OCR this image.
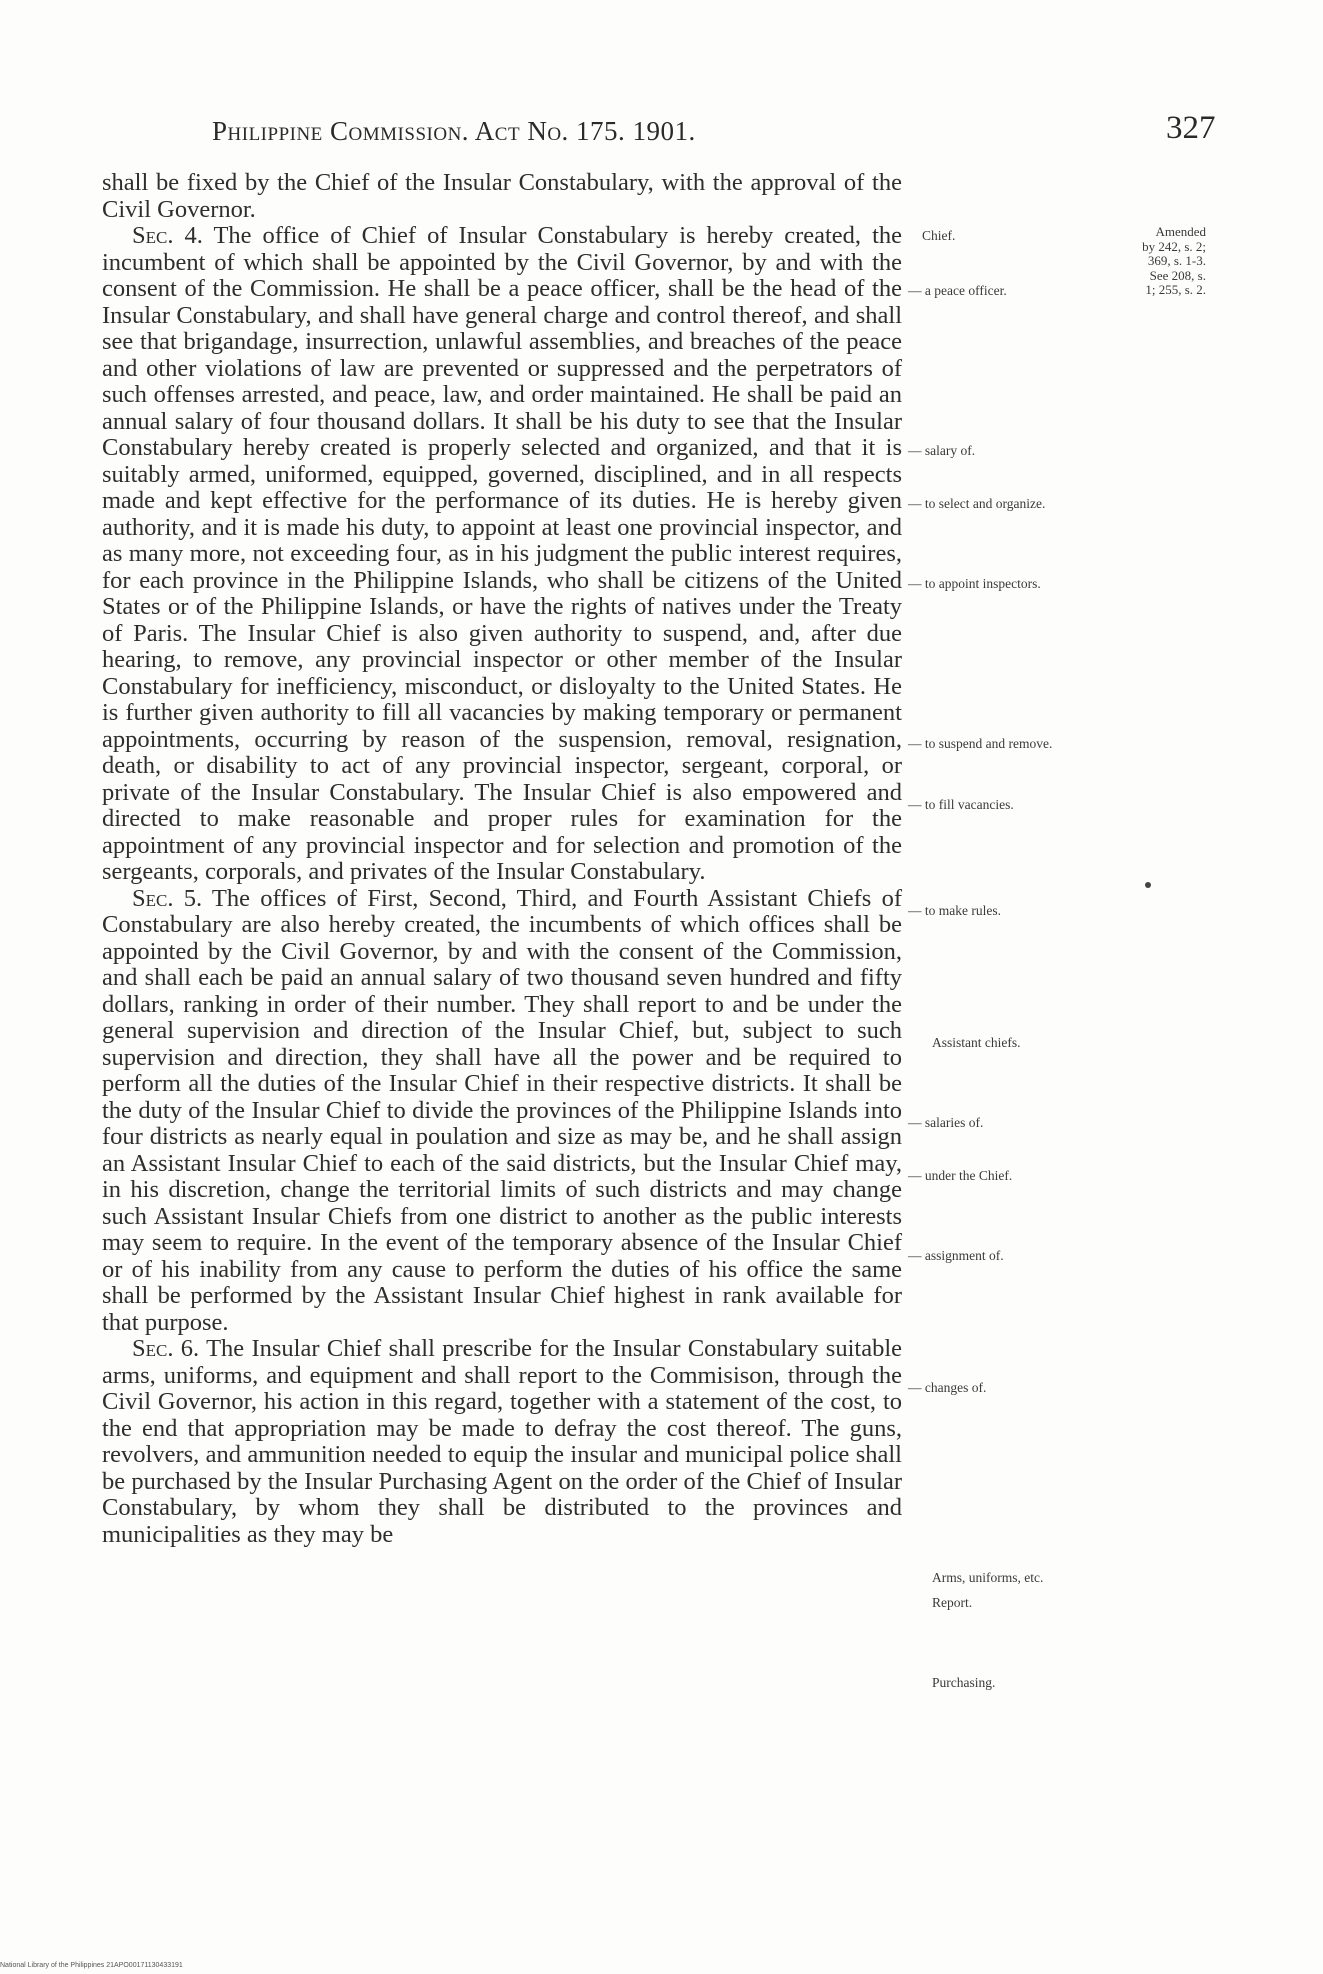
Philippine Commission. Act No. 175. 1901.	327

shall be fixed by the Chief of the Insular Constabulary, with the approval of the Civil Governor.

Sec. 4. The office of Chief of Insular Constabulary is hereby created, the incumbent of which shall be appointed by the Civil Governor, by and with the consent of the Commission. He shall be a peace officer, shall be the head of the Insular Constabulary, and shall have general charge and control thereof, and shall see that brigandage, insurrection, unlawful assemblies, and breaches of the peace and other violations of law are prevented or suppressed and the perpetrators of such offenses arrested, and peace, law, and order maintained. He shall be paid an annual salary of four thousand dollars. It shall be his duty to see that the Insular Constabulary hereby created is properly selected and organized, and that it is suitably armed, uniformed, equipped, governed, disciplined, and in all respects made and kept effective for the performance of its duties. He is hereby given authority, and it is made his duty, to appoint at least one provincial inspector, and as many more, not exceeding four, as in his judgment the public interest requires, for each province in the Philippine Islands, who shall be citizens of the United States or of the Philippine Islands, or have the rights of natives under the Treaty of Paris. The Insular Chief is also given authority to suspend, and, after due hearing, to remove, any provincial inspector or other member of the Insular Constabulary for inefficiency, misconduct, or disloyalty to the United States. He is further given authority to fill all vacancies by making temporary or permanent appointments, occurring by reason of the suspension, removal, resignation, death, or disability to act of any provincial inspector, sergeant, corporal, or private of the Insular Constabulary. The Insular Chief is also empowered and directed to make reasonable and proper rules for examination for the appointment of any provincial inspector and for selection and promotion of the sergeants, corporals, and privates of the Insular Constabulary.

Sec. 5. The offices of First, Second, Third, and Fourth Assistant Chiefs of Constabulary are also hereby created, the incumbents of which offices shall be appointed by the Civil Governor, by and with the consent of the Commission, and shall each be paid an annual salary of two thousand seven hundred and fifty dollars, ranking in order of their number. They shall report to and be under the general supervision and direction of the Insular Chief, but, subject to such supervision and direction, they shall have all the power and be required to perform all the duties of the Insular Chief in their respective districts. It shall be the duty of the Insular Chief to divide the provinces of the Philippine Islands into four districts as nearly equal in poulation and size as may be, and he shall assign an Assistant Insular Chief to each of the said districts, but the Insular Chief may, in his discretion, change the territorial limits of such districts and may change such Assistant Insular Chiefs from one district to another as the public interests may seem to require. In the event of the temporary absence of the Insular Chief or of his inability from any cause to perform the duties of his office the same shall be performed by the Assistant Insular Chief highest in rank available for that purpose.

Sec. 6. The Insular Chief shall prescribe for the Insular Constabulary suitable arms, uniforms, and equipment and shall report to the Commisison, through the Civil Governor, his action in this regard, together with a statement of the cost, to the end that appropriation may be made to defray the cost thereof. The guns, revolvers, and ammunition needed to equip the insular and municipal police shall be purchased by the Insular Purchasing Agent on the order of the Chief of Insular Constabulary, by whom they shall be distributed to the provinces and municipalities as they may be

Chief.
— a peace officer.
— salary of.
— to select and organize.
— to appoint inspectors.
— to suspend and remove.
— to fill vacancies.
— to make rules.
Assistant chiefs.
— salaries of.
— under the Chief.
— assignment of.
— changes of.
Arms, uniforms, etc.
Report.
Purchasing.
Amended
by 242, s. 2;
369, s. 1-3.
See 208, s.
1; 255, s. 2.
National Library of the Philippines 21APO00171130433191
